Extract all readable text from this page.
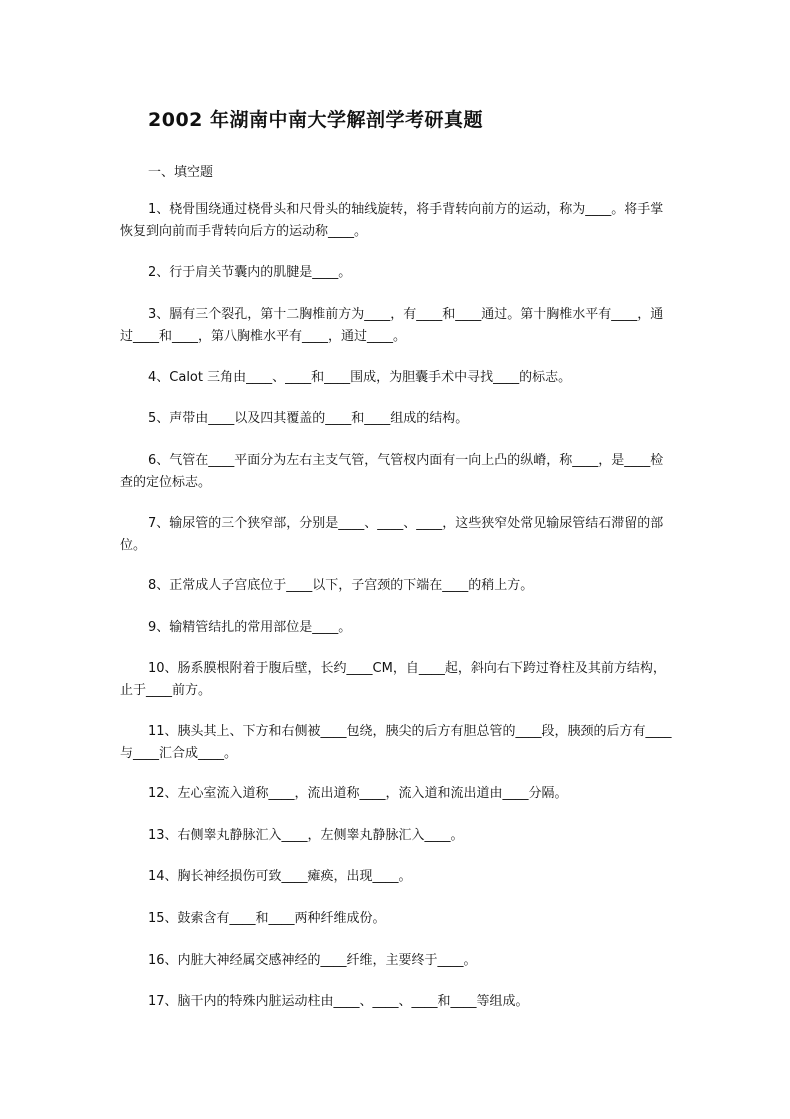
2002 年湖南中南大学解剖学考研真题
一、填空题

1、桡骨围绕通过桡骨头和尺骨头的轴线旋转，将手背转向前方的运动，称为____。将手掌恢复到向前而手背转向后方的运动称____。

2、行于肩关节囊内的肌腱是____。

3、膈有三个裂孔，第十二胸椎前方为____，有____和____通过。第十胸椎水平有____，通过____和____，第八胸椎水平有____，通过____。

4、Calot 三角由____、____和____围成，为胆囊手术中寻找____的标志。

5、声带由____以及四其覆盖的____和____组成的结构。

6、气管在____平面分为左右主支气管，气管杈内面有一向上凸的纵嵴，称____，是____检查的定位标志。

7、输尿管的三个狭窄部，分别是____、____、____，这些狭窄处常见输尿管结石滞留的部位。

8、正常成人子宫底位于____以下，子宫颈的下端在____的稍上方。

9、输精管结扎的常用部位是____。

10、肠系膜根附着于腹后壁，长约____CM，自____起，斜向右下跨过脊柱及其前方结构，止于____前方。

11、胰头其上、下方和右侧被____包绕，胰尖的后方有胆总管的____段，胰颈的后方有____与____汇合成____。

12、左心室流入道称____，流出道称____，流入道和流出道由____分隔。

13、右侧睾丸静脉汇入____，左侧睾丸静脉汇入____。

14、胸长神经损伤可致____瘫痪，出现____。

15、鼓索含有____和____两种纤维成份。

16、内脏大神经属交感神经的____纤维，主要终于____。

17、脑干内的特殊内脏运动柱由____、____、____和____等组成。
